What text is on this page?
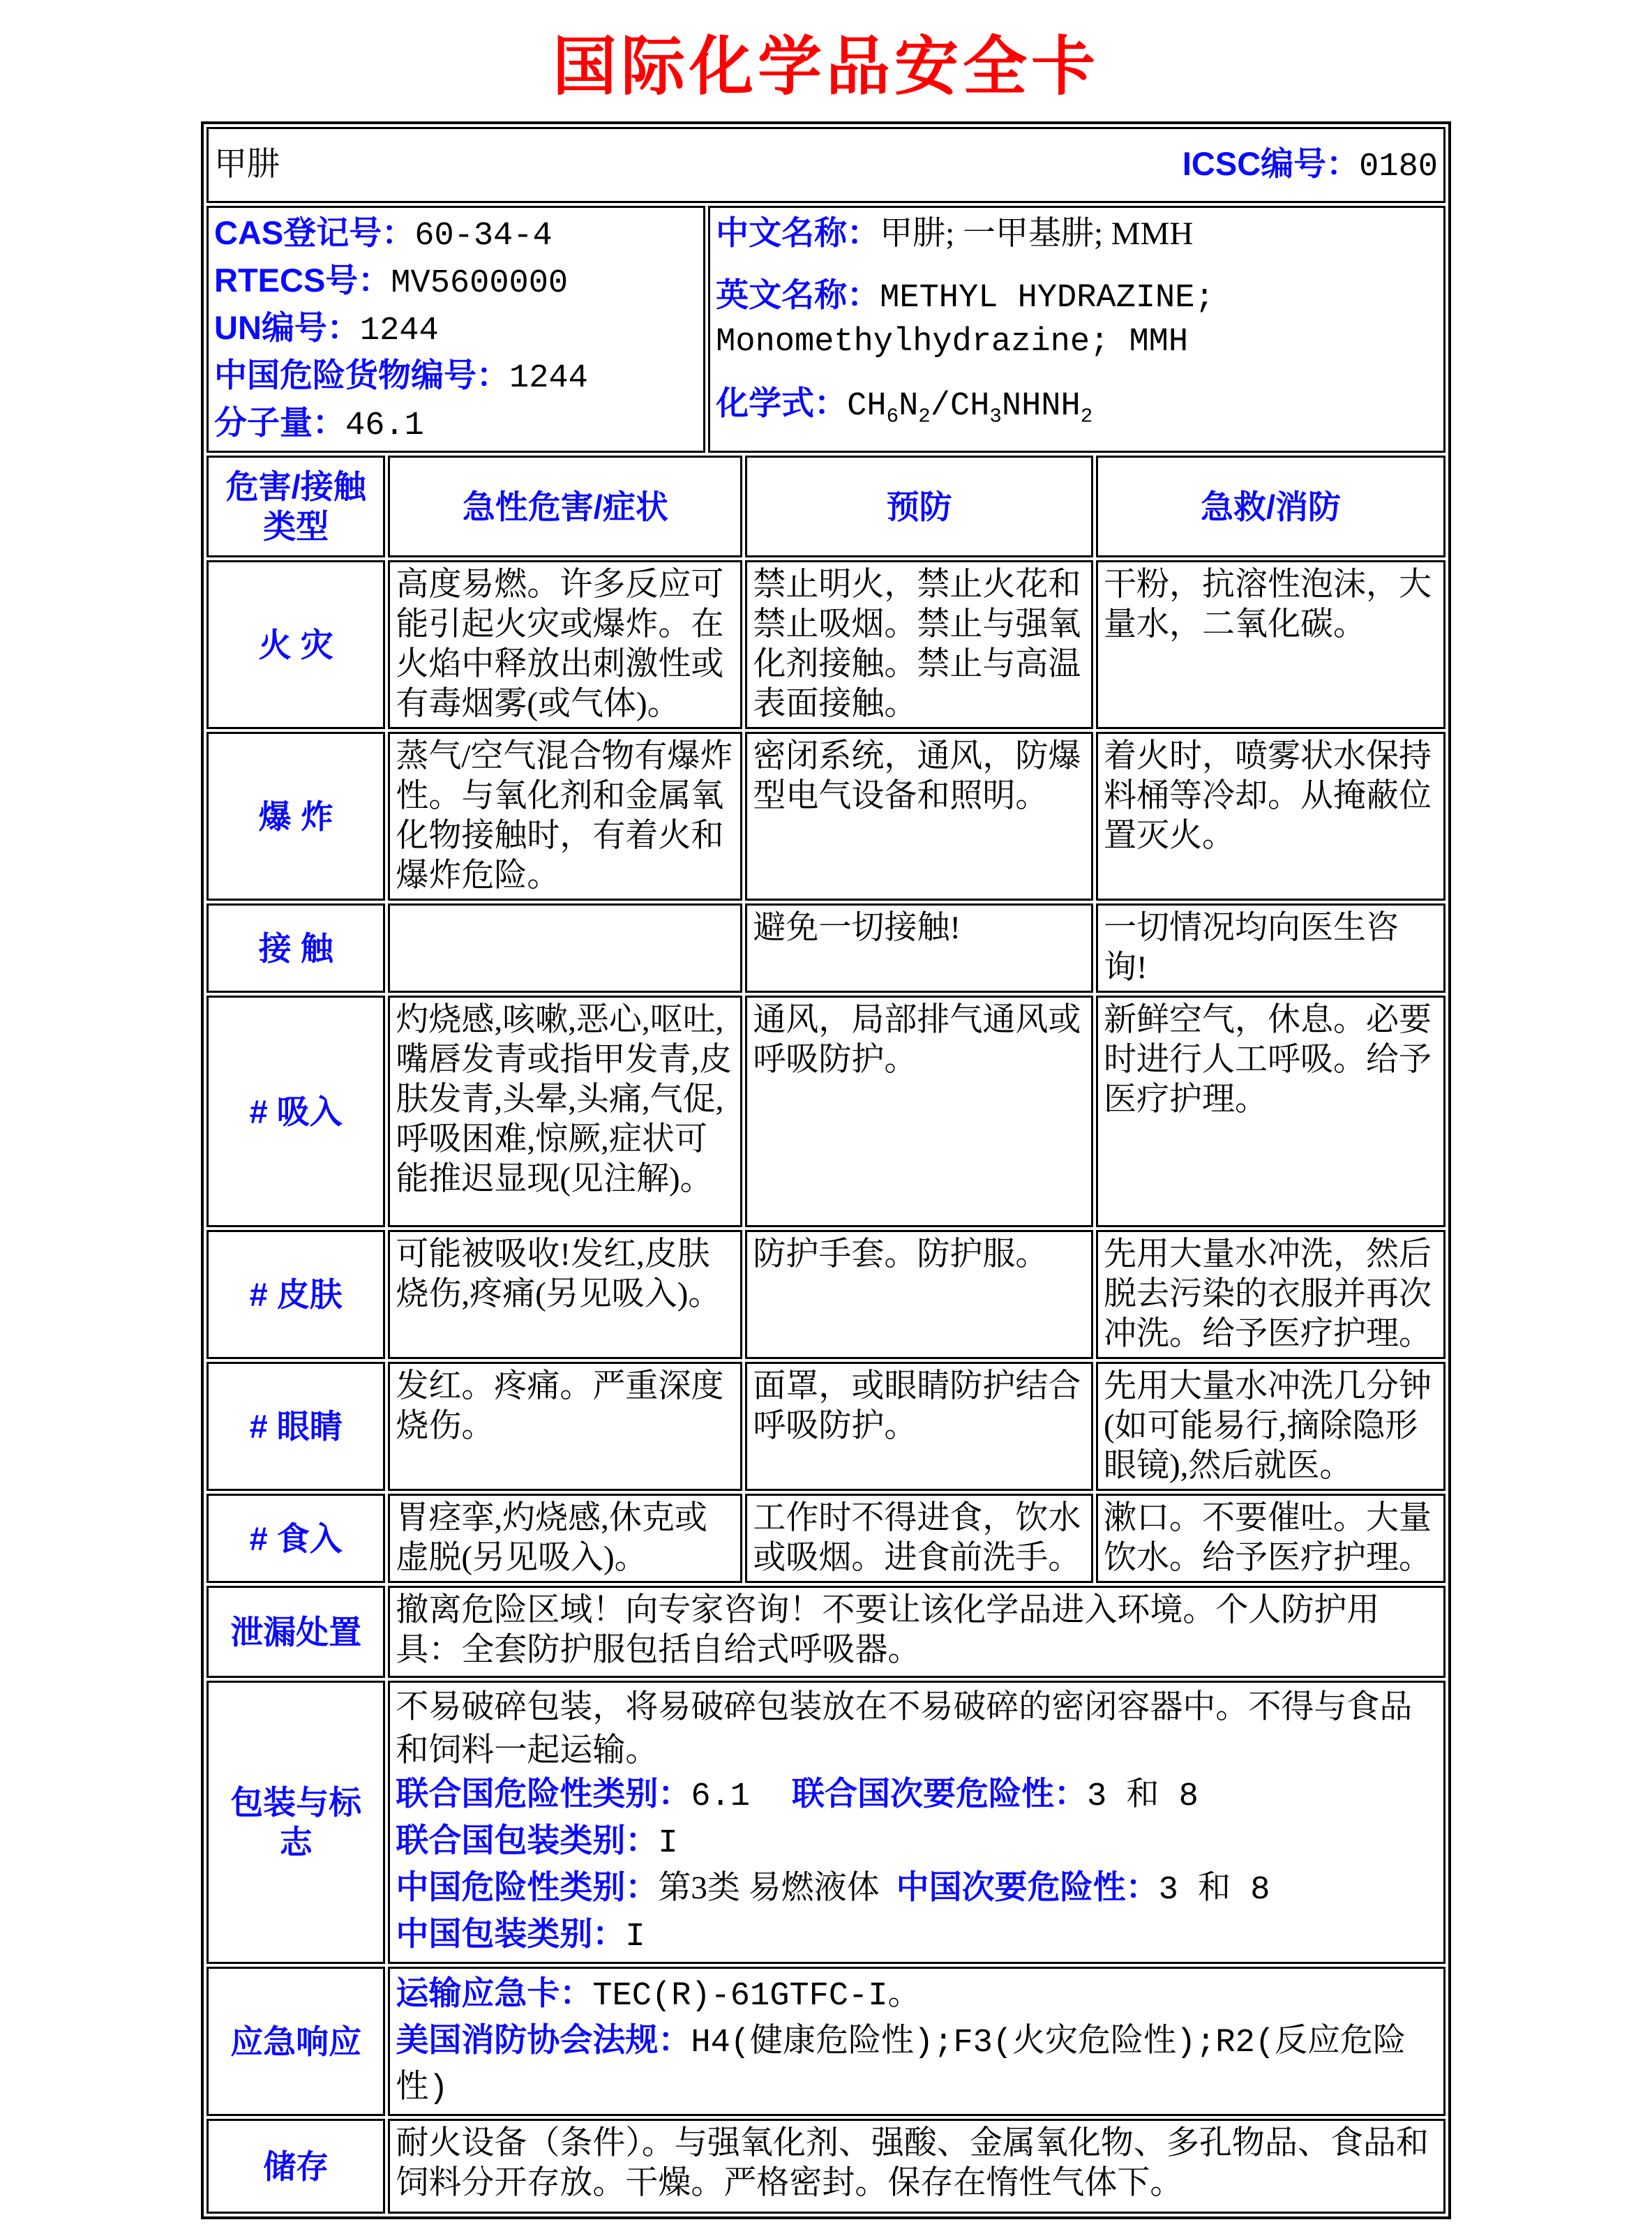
国际化学品安全卡
甲肼 ICSC编号：0180				

CAS登记号：60-34-4
RTECS号：MV5600000
UN编号：1244
中国危险货物编号：1244
分子量：46.1

中文名称：甲肼; 一甲基肼; MMH
英文名称：METHYL HYDRAZINE;
Monomethylhydrazine; MMH
化学式：$CH_6N_2/CH_3NHNH_2$

危害/接触类型	急性危害/症状		预防	急救/消防
火 灾	高度易燃。许多反应可能引起火灾或爆炸。在火焰中释放出刺激性或有毒烟雾(或气体)。		禁止明火，禁止火花和禁止吸烟。禁止与强氧化剂接触。禁止与高温表面接触。	干粉，抗溶性泡沫，大量水，二氧化碳。
爆 炸	蒸气/空气混合物有爆炸性。与氧化剂和金属氧化物接触时，有着火和爆炸危险。		密闭系统，通风，防爆型电气设备和照明。	着火时，喷雾状水保持料桶等冷却。从掩蔽位置灭火。
接 触			避免一切接触!	一切情况均向医生咨询!
# 吸入	灼烧感,咳嗽,恶心,呕吐,嘴唇发青或指甲发青,皮肤发青,头晕,头痛,气促,呼吸困难,惊厥,症状可能推迟显现(见注解)。		通风，局部排气通风或呼吸防护。	新鲜空气，休息。必要时进行人工呼吸。给予医疗护理。
# 皮肤	可能被吸收!发红,皮肤烧伤,疼痛(另见吸入)。		防护手套。防护服。	先用大量水冲洗，然后脱去污染的衣服并再次冲洗。给予医疗护理。
# 眼睛	发红。疼痛。严重深度烧伤。		面罩，或眼睛防护结合呼吸防护。	先用大量水冲洗几分钟(如可能易行,摘除隐形眼镜),然后就医。
# 食入	胃痉挛,灼烧感,休克或虚脱(另见吸入)。		工作时不得进食，饮水或吸烟。进食前洗手。	漱口。不要催吐。大量饮水。给予医疗护理。
泄漏处置	撤离危险区域！向专家咨询！不要让该化学品进入环境。个人防护用具：全套防护服包括自给式呼吸器。			
包装与标志	不易破碎包装，将易破碎包装放在不易破碎的密闭容器中。不得与食品和饲料一起运输。
联合国危险性类别：6.1 联合国次要危险性：3 和 8
联合国包装类别：I
中国危险性类别：第3类 易燃液体 中国次要危险性：3 和 8
中国包装类别：I			

应急响应	运输应急卡：TEC(R)-61GTFC-I。
美国消防协会法规：H4(健康危险性);F3(火灾危险性);R2(反应危险性)			

储存	耐火设备（条件）。与强氧化剂、强酸、金属氧化物、多孔物品、食品和饲料分开存放。干燥。严格密封。保存在惰性气体下。			
